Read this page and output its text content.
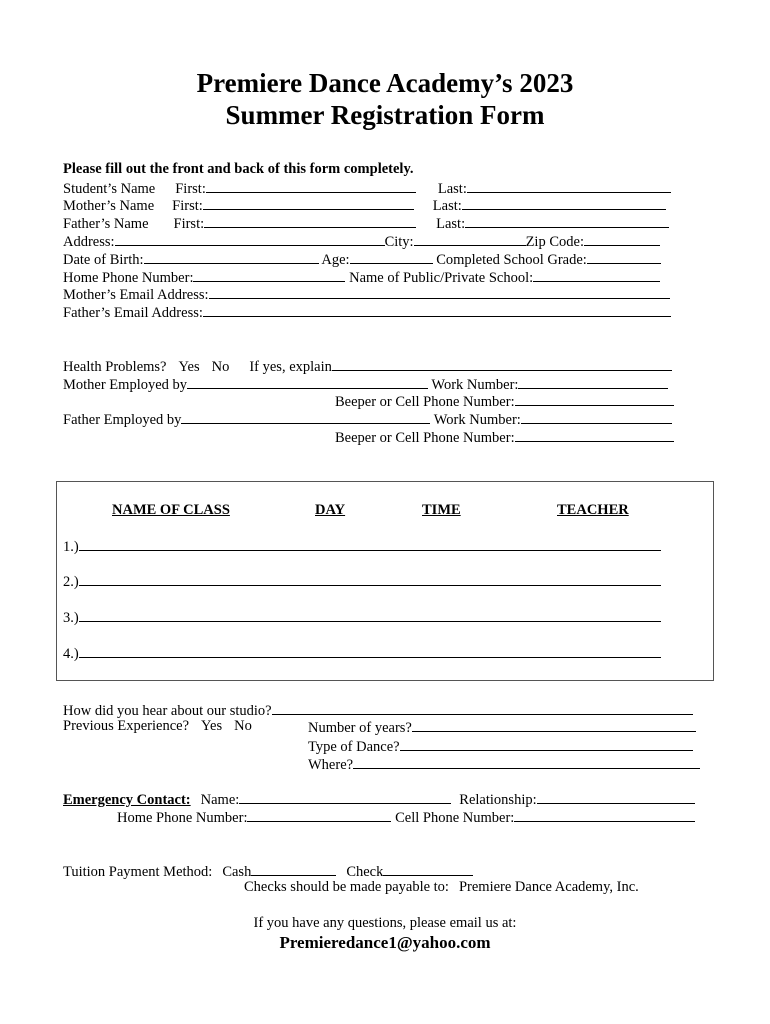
Premiere Dance Academy’s 2023
Summer Registration Form
Please fill out the front and back of this form completely.
Student’s Name First:	Last:
Mother’s Name First:	Last:
Father’s Name First:	Last:
Address:	City:	Zip Code:
Date of Birth:	Age:	Completed School Grade:
Home Phone Number:	Name of Public/Private School:
Mother’s Email Address:
Father’s Email Address:
Health Problems? Yes No If yes, explain
Mother Employed by	Work Number:
Beeper or Cell Phone Number:
Father Employed by	Work Number:
Beeper or Cell Phone Number:
NAME OF CLASS	DAY	TIME	TEACHER
1.)
2.)
3.)
4.)
How did you hear about our studio?
Previous Experience? Yes No	Number of years?
Type of Dance?
Where?
Emergency Contact: Name:	Relationship:
Home Phone Number:	Cell Phone Number:
Tuition Payment Method: Cash	Check
Checks should be made payable to: Premiere Dance Academy, Inc.
If you have any questions, please email us at:
Premieredance1@yahoo.com
